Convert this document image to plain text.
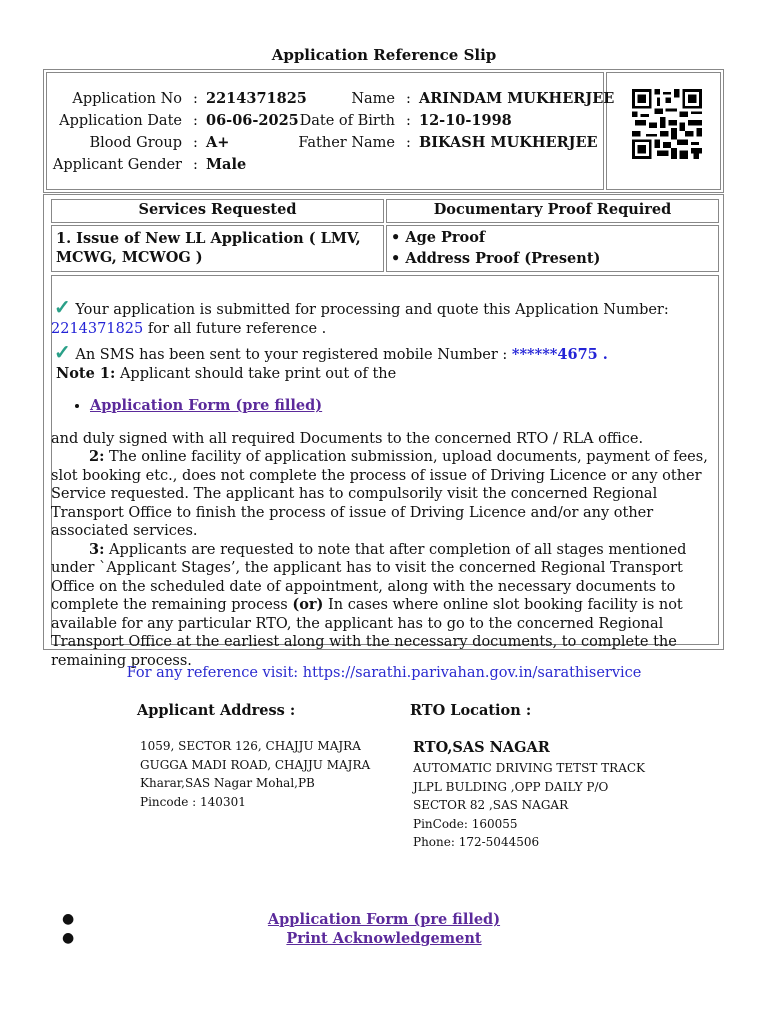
Application Reference Slip
Application No
Application Date
Blood Group
Applicant Gender
:
:
:
:
2214371825
06-06-2025
A+
Male
Name
Date of Birth
Father Name
:
:
:
ARINDAM MUKHERJEE
12-10-1998
BIKASH MUKHERJEE
Services Requested	Documentary Proof Required
1. Issue of New LL Application ( LMV,
MCWG, MCWOG )
• Age Proof
• Address Proof (Present)
✓ Your application is submitted for processing and quote this Application Number:
2214371825 for all future reference .
✓ An SMS has been sent to your registered mobile Number : ******4675 .
Note 1: Applicant should take print out of the
• Application Form (pre filled)
and duly signed with all required Documents to the concerned RTO / RLA office.
2: The online facility of application submission, upload documents, payment of fees, slot booking etc., does not complete the process of issue of Driving Licence or any other Service requested. The applicant has to compulsorily visit the concerned Regional Transport Office to finish the process of issue of Driving Licence and/or any other associated services.
3: Applicants are requested to note that after completion of all stages mentioned under `Applicant Stages’, the applicant has to visit the concerned Regional Transport Office on the scheduled date of appointment, along with the necessary documents to complete the remaining process (or) In cases where online slot booking facility is not available for any particular RTO, the applicant has to go to the concerned Regional Transport Office at the earliest along with the necessary documents, to complete the remaining process.
For any reference visit: https://sarathi.parivahan.gov.in/sarathiservice
Applicant Address :	RTO Location :
1059, SECTOR 126, CHAJJU MAJRA
GUGGA MADI ROAD, CHAJJU MAJRA
Kharar,SAS Nagar Mohal,PB
Pincode : 140301
RTO,SAS NAGAR
AUTOMATIC DRIVING TETST TRACK
JLPL BULDING ,OPP DAILY P/O
SECTOR 82 ,SAS NAGAR
PinCode: 160055
Phone: 172-5044506
●
●
Application Form (pre filled)
Print Acknowledgement
